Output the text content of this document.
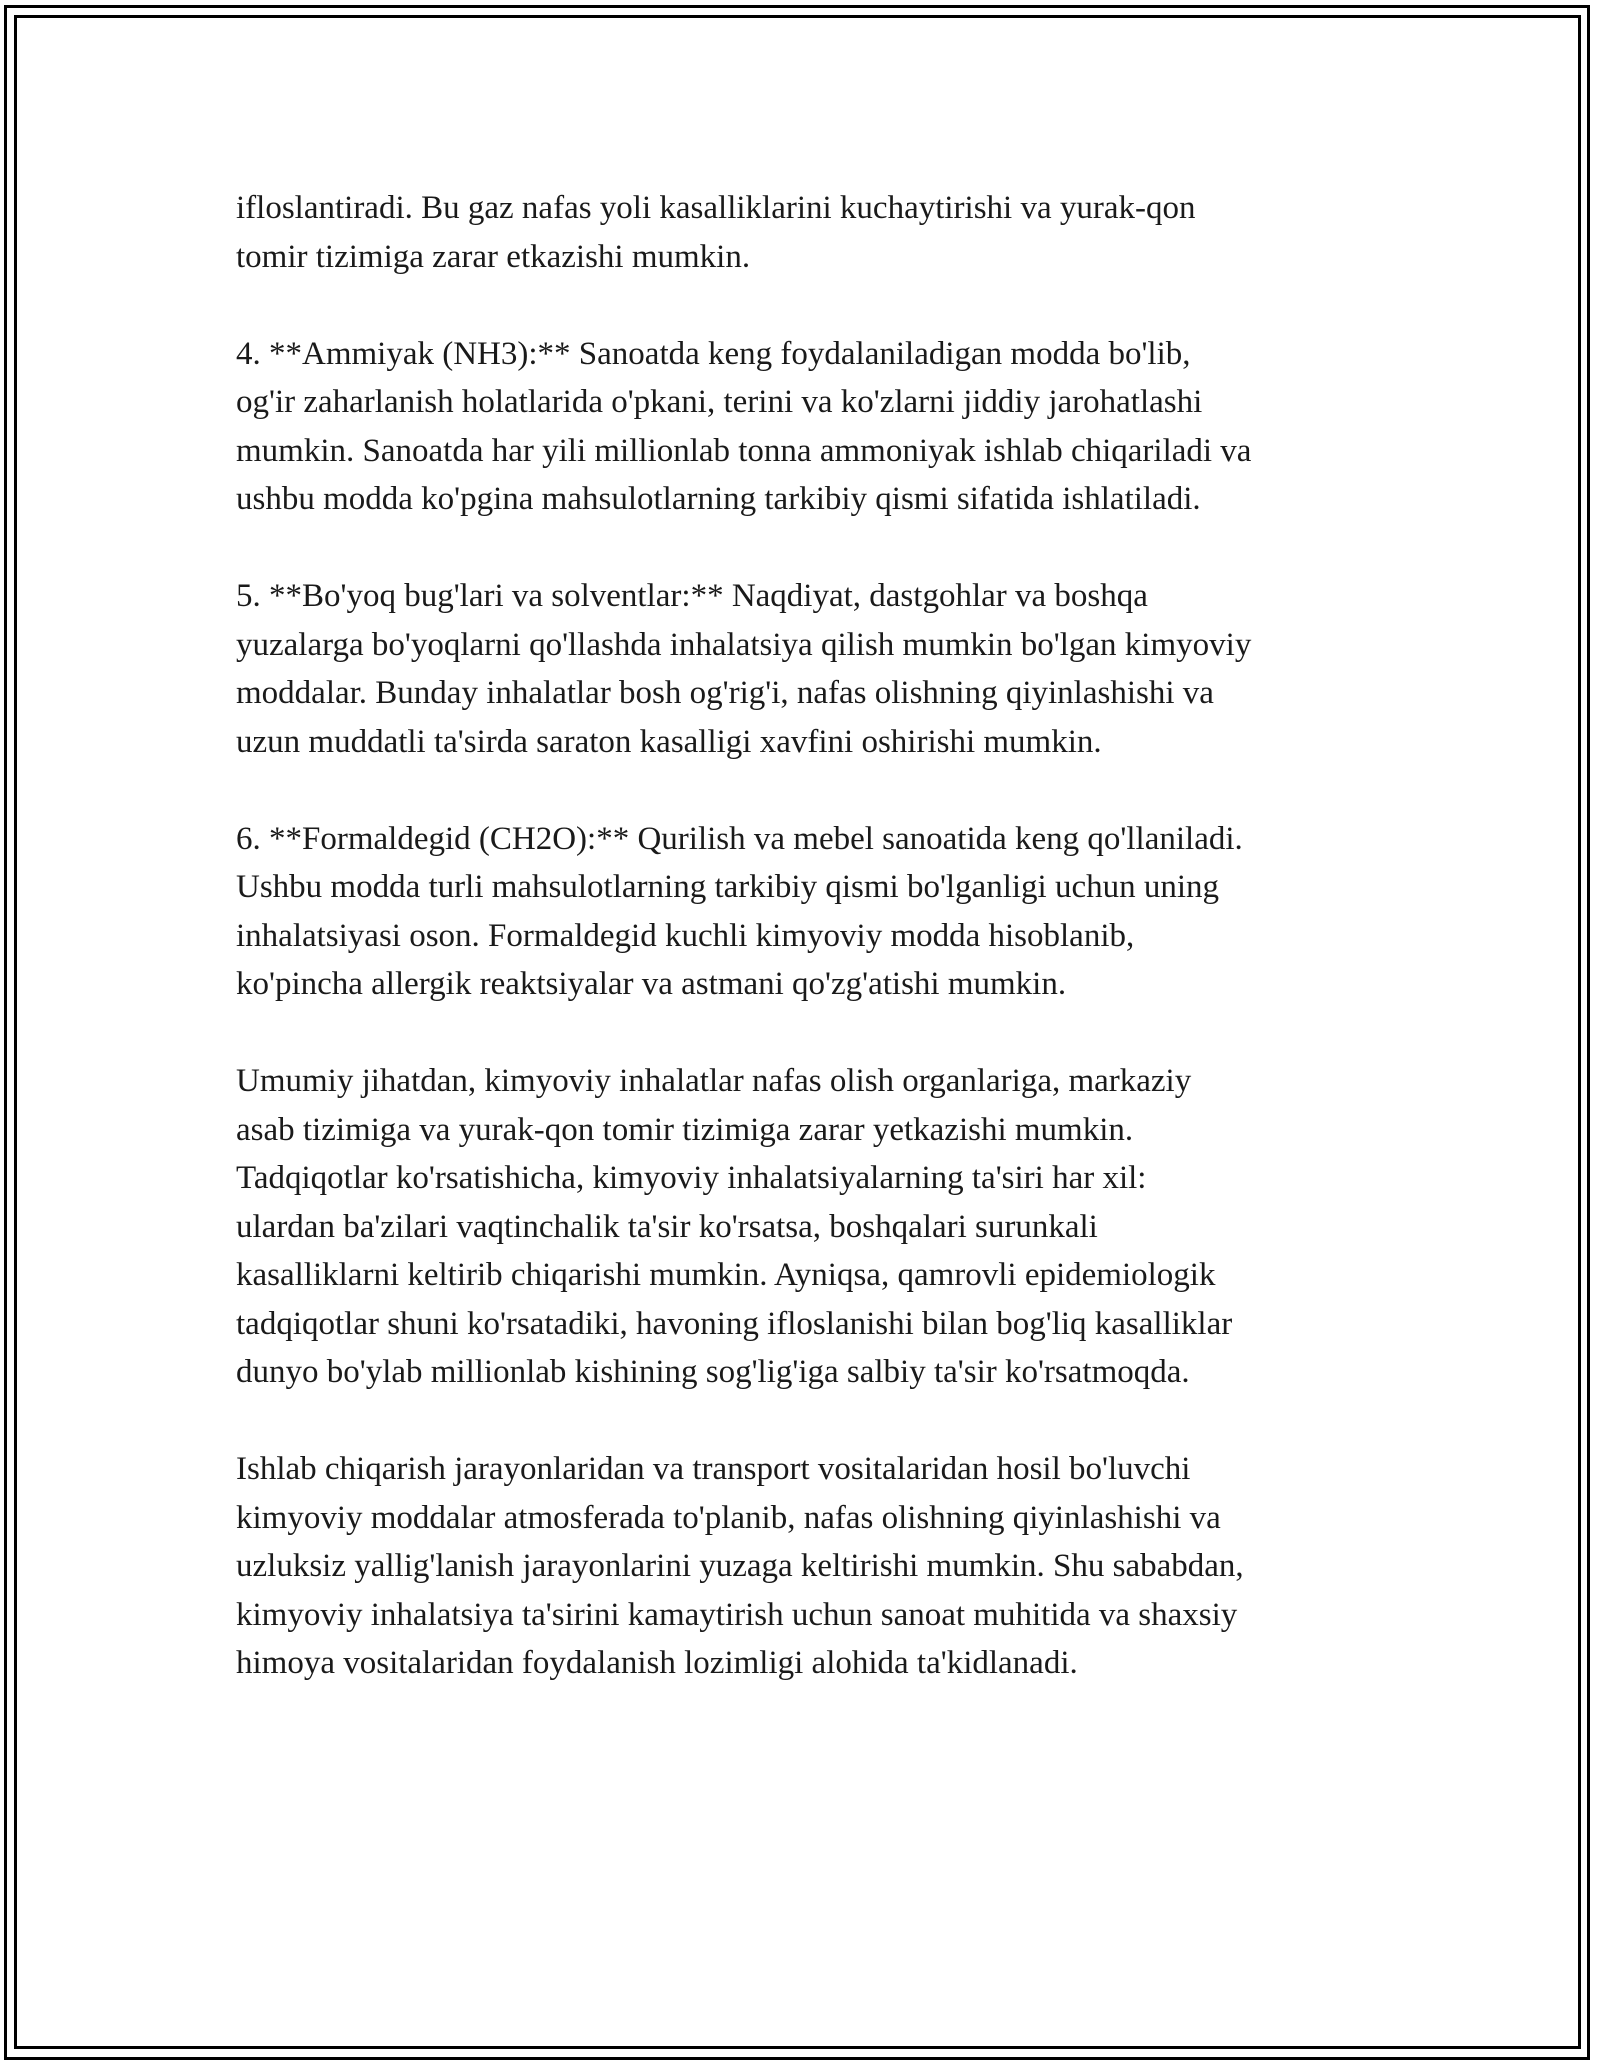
ifloslantiradi. Bu gaz nafas yoli kasalliklarini kuchaytirishi va yurak-qon
tomir tizimiga zarar etkazishi mumkin.

4. **Ammiyak (NH3):** Sanoatda keng foydalaniladigan modda bo'lib,
og'ir zaharlanish holatlarida o'pkani, terini va ko'zlarni jiddiy jarohatlashi
mumkin. Sanoatda har yili millionlab tonna ammoniyak ishlab chiqariladi va
ushbu modda ko'pgina mahsulotlarning tarkibiy qismi sifatida ishlatiladi.

5. **Bo'yoq bug'lari va solventlar:** Naqdiyat, dastgohlar va boshqa
yuzalarga bo'yoqlarni qo'llashda inhalatsiya qilish mumkin bo'lgan kimyoviy
moddalar. Bunday inhalatlar bosh og'rig'i, nafas olishning qiyinlashishi va
uzun muddatli ta'sirda saraton kasalligi xavfini oshirishi mumkin.

6. **Formaldegid (CH2O):** Qurilish va mebel sanoatida keng qo'llaniladi.
Ushbu modda turli mahsulotlarning tarkibiy qismi bo'lganligi uchun uning
inhalatsiyasi oson. Formaldegid kuchli kimyoviy modda hisoblanib,
ko'pincha allergik reaktsiyalar va astmani qo'zg'atishi mumkin.

Umumiy jihatdan, kimyoviy inhalatlar nafas olish organlariga, markaziy
asab tizimiga va yurak-qon tomir tizimiga zarar yetkazishi mumkin.
Tadqiqotlar ko'rsatishicha, kimyoviy inhalatsiyalarning ta'siri har xil:
ulardan ba'zilari vaqtinchalik ta'sir ko'rsatsa, boshqalari surunkali
kasalliklarni keltirib chiqarishi mumkin. Ayniqsa, qamrovli epidemiologik
tadqiqotlar shuni ko'rsatadiki, havoning ifloslanishi bilan bog'liq kasalliklar
dunyo bo'ylab millionlab kishining sog'lig'iga salbiy ta'sir ko'rsatmoqda.

Ishlab chiqarish jarayonlaridan va transport vositalaridan hosil bo'luvchi
kimyoviy moddalar atmosferada to'planib, nafas olishning qiyinlashishi va
uzluksiz yallig'lanish jarayonlarini yuzaga keltirishi mumkin. Shu sababdan,
kimyoviy inhalatsiya ta'sirini kamaytirish uchun sanoat muhitida va shaxsiy
himoya vositalaridan foydalanish lozimligi alohida ta'kidlanadi.
